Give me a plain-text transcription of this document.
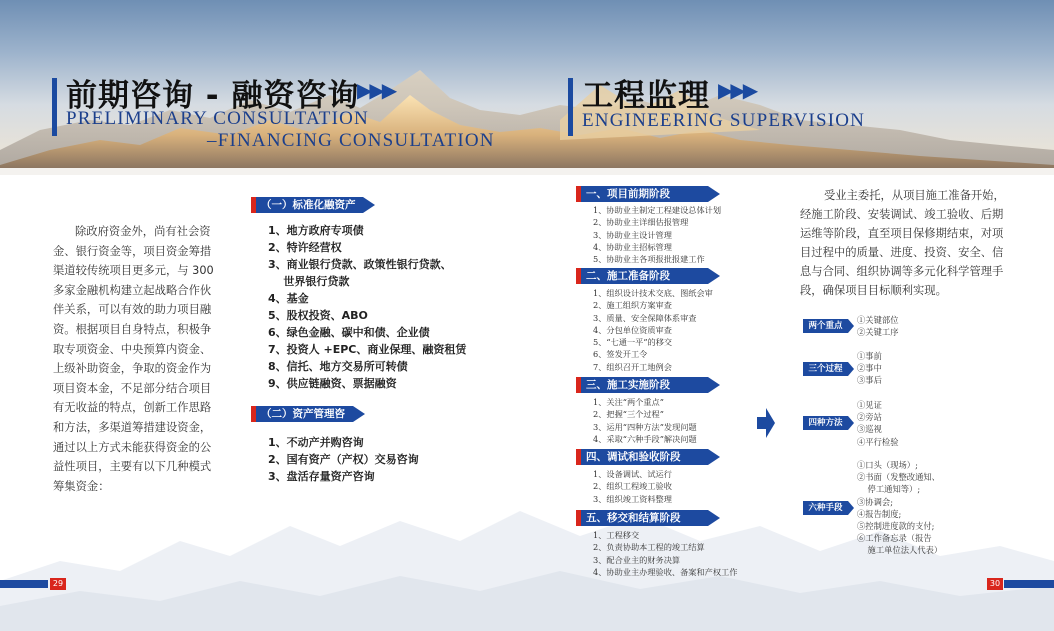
前期咨询 - 融资咨询
▶▶▶
PRELIMINARY CONSULTATION
–FINANCING CONSULTATION
工程监理 ▶▶▶
ENGINEERING SUPERVISION
除政府资金外，尚有社会资
金、银行资金等，项目资金筹措
渠道较传统项目更多元，与 300
多家金融机构建立起战略合作伙
伴关系，可以有效的助力项目融
资。根据项目自身特点，积极争
取专项资金、中央预算内资金、
上级补助资金，争取的资金作为
项目资本金，不足部分结合项目
有无收益的特点，创新工作思路
和方法，多渠道筹措建设资金，
通过以上方式未能获得资金的公
益性项目，主要有以下几种模式
筹集资金：
（一）标准化融资产品
1、地方政府专项债
2、特许经营权
3、商业银行贷款、政策性银行贷款、
世界银行贷款
4、基金
5、股权投资、ABO
6、绿色金融、碳中和债、企业债
7、投资人 +EPC、商业保理、融资租赁
8、信托、地方交易所可转债
9、供应链融资、票据融资
（二）资产管理咨询
1、不动产并购咨询
2、国有资产（产权）交易咨询
3、盘活存量资产咨询
一、项目前期阶段
1、协助业主制定工程建设总体计划
2、协助业主详细估报管理
3、协助业主设计管理
4、协助业主招标管理
5、协助业主各项报批报建工作
二、施工准备阶段
1、组织设计技术交底、图纸会审
2、施工组织方案审查
3、质量、安全保障体系审查
4、分包单位资质审查
5、“七通一平”的移交
6、签发开工令
7、组织召开工地例会
三、施工实施阶段
1、关注“两个重点”
2、把握“三个过程”
3、运用“四种方法”发现问题
4、采取“六种手段”解决问题
四、调试和验收阶段
1、设备调试、试运行
2、组织工程竣工验收
3、组织竣工资料整理
五、移交和结算阶段
1、工程移交
2、负责协助本工程的竣工结算
3、配合业主的财务决算
4、协助业主办理验收、备案和产权工作
受业主委托，从项目施工准备开始，
经施工阶段、安装调试、竣工验收、后期
运维等阶段，直至项目保修期结束，对项
目过程中的质量、进度、投资、安全、信
息与合同、组织协调等多元化科学管理手
段，确保项目目标顺利实现。
两个重点
①关键部位
②关键工序
三个过程
①事前
②事中
③事后
四种方法
①见证
②旁站
③巡视
④平行检验
六种手段
①口头（现场）;
②书面（发整改通知、
停工通知等）;
③协调会;
④报告制度;
⑤控制进度款的支付;
⑥工作备忘录（报告
施工单位法人代表）
29	30
